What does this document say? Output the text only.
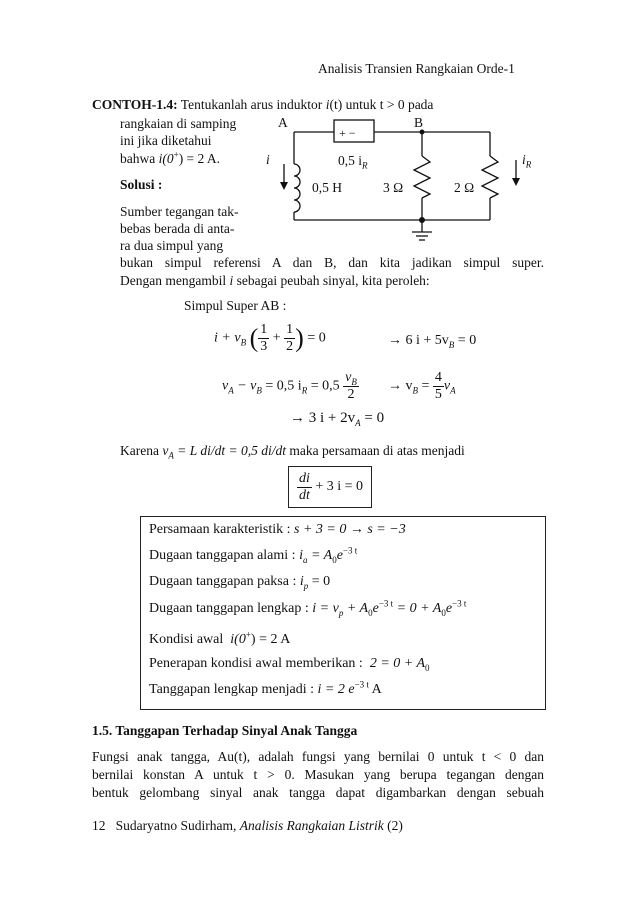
Analisis Transien Rangkaian Orde-1
CONTOH-1.4: Tentukanlah arus induktor i(t) untuk t > 0 pada
rangkaian di samping
ini jika diketahui
bahwa i(0+) = 2 A.
A	B
+ −
i	0,5 $i_R$
0,5 H	3 Ω	2 Ω
$i_R$
Solusi :
Sumber tegangan tak-
bebas berada di anta-
ra dua simpul yang
bukan simpul referensi A dan B, dan kita jadikan simpul super.
Dengan mengambil i sebagai peubah sinyal, kita peroleh:
Simpul Super AB :
$i + v_B$ ( $\frac{1}{3} + \frac{1}{2}$ ) = 0	→ 6 $i + 5v_B = 0$
$v_A - v_B = 0,5$ $i_R = 0,5 \frac{v_B}{2} \to v_B = \frac{4}{5} v_A$
→ 3 $i + 2v_A = 0$
Karena $v_A = L$ di/dt = 0,5 di/dt maka persamaan di atas menjadi
$\frac{di}{dt}$
+ 3 i = 0
Persamaan karakteristik : s + 3 = 0 → s = −3
Dugaan tanggapan alami : $i_a = A_0e^{-3 t}$
Dugaan tanggapan paksa : $i_p = 0$
Dugaan tanggapan lengkap : $i = v_p + A_0e^{-3 t} = 0 + A_0e^{-3 t}$
Kondisi awal i(0+) = 2 A
Penerapan kondisi awal memberikan : $2 = 0 + A_0$
Tanggapan lengkap menjadi : i = 2 $e^{-3 t}$ A
1.5. Tanggapan Terhadap Sinyal Anak Tangga
Fungsi anak tangga, Au(t), adalah fungsi yang bernilai 0 untuk t < 0 dan
bernilai konstan A untuk t > 0. Masukan yang berupa tegangan dengan
bentuk gelombang sinyal anak tangga dapat digambarkan dengan sebuah
12 Sudaryatno Sudirham, Analisis Rangkaian Listrik (2)
